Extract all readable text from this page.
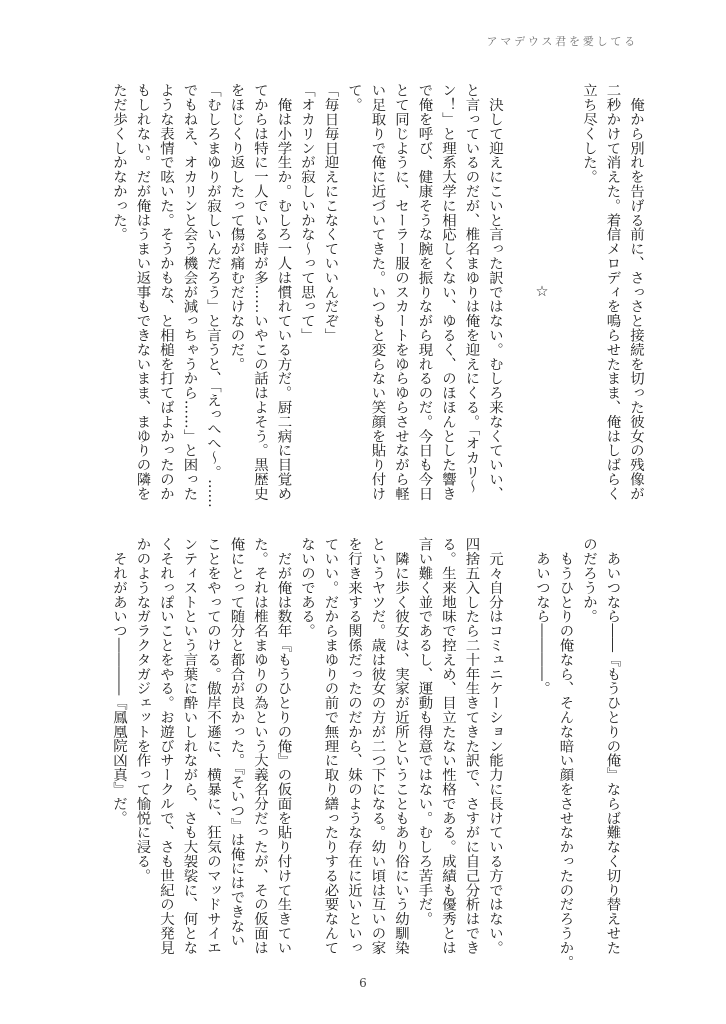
アマデウス君を愛してる
　俺から別れを告げる前に、さっさと接続を切った彼女の残像が
二秒かけて消えた。着信メロディを鳴らせたまま、俺はしばらく
立ち尽くした。
☆
　決して迎えにこいと言った訳ではない。むしろ来なくていい、
と言っているのだが、椎名まゆりは俺を迎えにくる。「オカリ〜
ン！」と理系大学に相応しくない、ゆるく、のほほんとした響き
で俺を呼び、健康そうな腕を振りながら現れるのだ。今日も今日
とて同じように、セーラー服のスカートをゆらゆらさせながら軽
い足取りで俺に近づいてきた。いつもと変らない笑顔を貼り付け
て。
「毎日毎日迎えにこなくていいんだぞ」
「オカリンが寂しいかな〜って思って」
　俺は小学生か。むしろ一人は慣れている方だ。厨二病に目覚め
てからは特に一人でいる時が多……いやこの話はよそう。黒歴史
をほじくり返したって傷が痛むだけなのだ。
「むしろまゆりが寂しいんだろう」と言うと、「えっへへ〜。……
でもねえ、オカリンと会う機会が減っちゃうから……」と困った
ような表情で呟いた。そうかもな、と相槌を打てばよかったのか
もしれない。だが俺はうまい返事もできないまま、まゆりの隣を
ただ歩くしかなかった。
　あいつなら――『もうひとりの俺』ならば難なく切り替えせた
のだろうか。
　もうひとりの俺なら、そんな暗い顔をさせなかったのだろうか。
　あいつなら――――。
　元々自分はコミュニケーション能力に長けている方ではない。
四捨五入したら二十年生きてきた訳で、さすがに自己分析はでき
る。生来地味で控えめ、目立たない性格である。成績も優秀とは
言い難く並であるし、運動も得意ではない。むしろ苦手だ。
　隣に歩く彼女は、実家が近所ということもあり俗にいう幼馴染
というヤツだ。歳は彼女の方が二つ下になる。幼い頃は互いの家
を行き来する関係だったのだから、妹のような存在に近いといっ
ていい。だからまゆりの前で無理に取り繕ったりする必要なんて
ないのである。
　だが俺は数年『もうひとりの俺』の仮面を貼り付けて生きてい
た。それは椎名まゆりの為という大義名分だったが、その仮面は
俺にとって随分と都合が良かった。『そいつ』は俺にはできない
ことをやってのける。傲岸不遜に、横暴に、狂気のマッドサイエ
ンティストという言葉に酔いしれながら、さも大袈裟に、何とな
くそれっぽいことをやる。お遊びサークルで、さも世紀の大発見
かのようなガラクタガジェットを作って愉悦に浸る。
　それがあいつ――――『鳳凰院凶真』だ。
6
